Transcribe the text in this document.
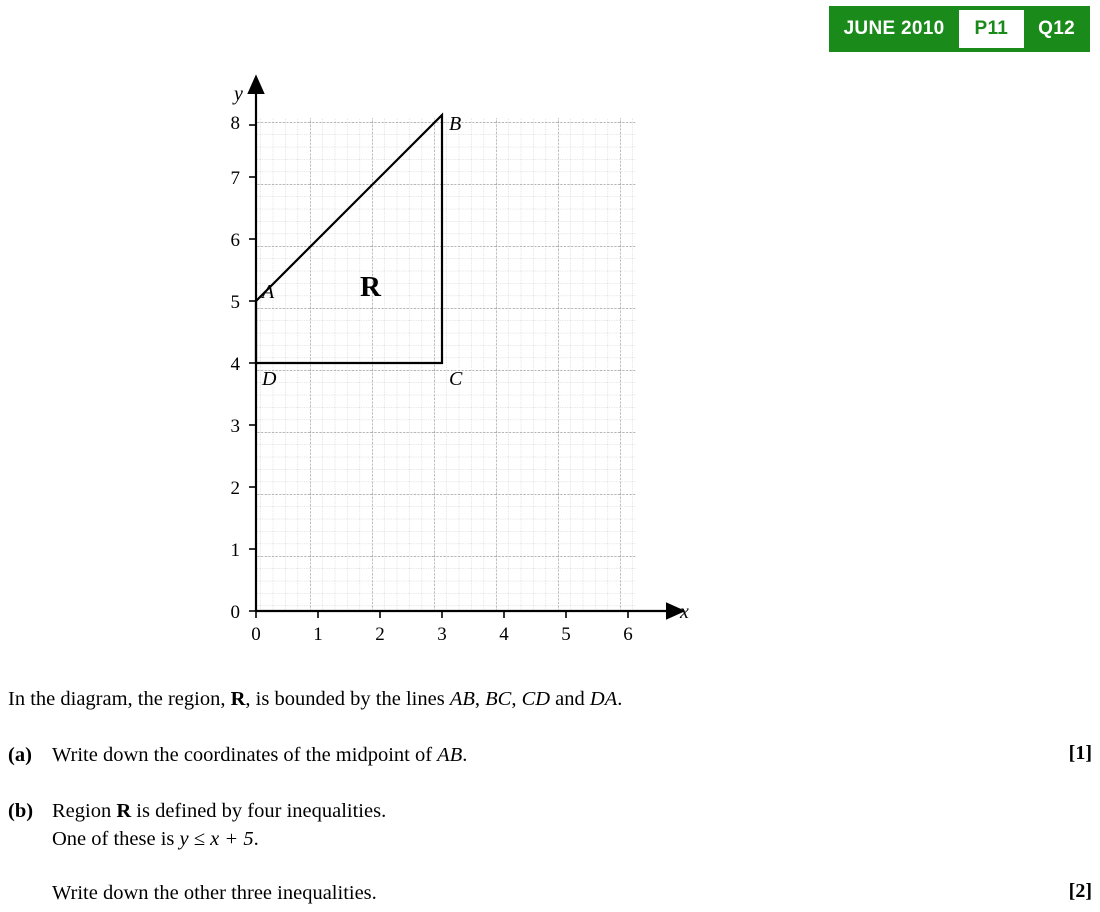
JUNE 2010	P11	Q12
0	1	2	3	4	5	6
0
1
2
3
4
5
6
7
8
x
y
A
B
C
D
R
In the diagram, the region, R, is bounded by the lines AB, BC, CD and DA.
(a) Write down the coordinates of the midpoint of AB.	[1]
(b) Region R is defined by four inequalities.
One of these is y ≤ x + 5.
Write down the other three inequalities.	[2]
